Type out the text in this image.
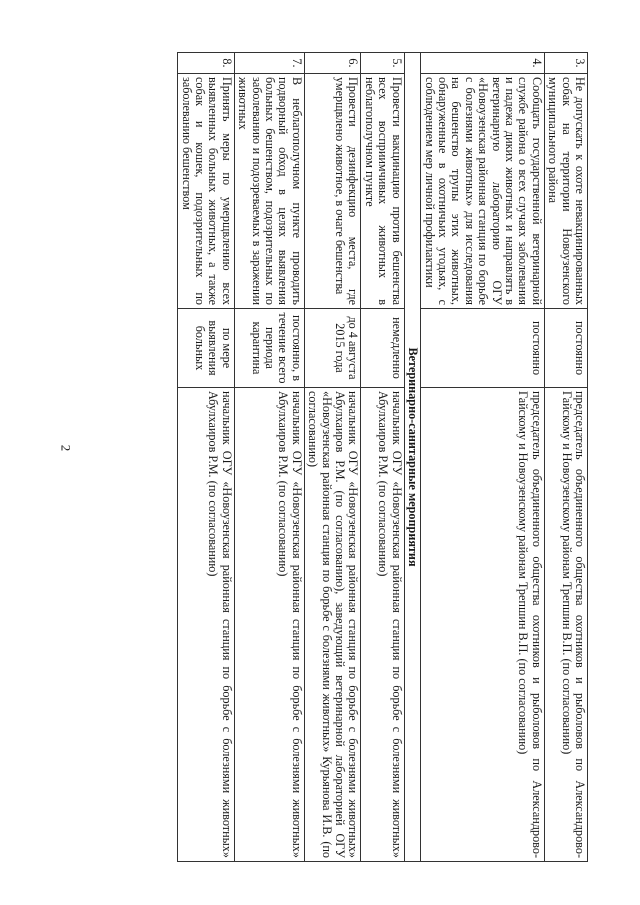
2
3.	Не допускать к охоте невакцинированных собак на территории Новоузенского муниципального района	постоянно	председатель объединенного общества охотников и рыболовов по Александрово-Гайскому и Новоузенскому районам Трепшин В.П. (по согласованию)
4.	Сообщать государственной ветеринарной службе района о всех случаях заболевания и падежа диких животных и направлять в ветеринарную лабораторию ОГУ «Новоузенская районная станция по борьбе с болезнями животных» для исследования на бешенство трупы этих животных, обнаруженные в охотничьих угодьях, с соблюдением мер личной профилактики	постоянно	председатель объединенного общества охотников и рыболовов по Александрово-Гайскому и Новоузенскому районам Трепшин В.П. (по согласованию)
Ветеринарно-санитарные мероприятия			
5.	Провести вакцинацию против бешенства всех восприимчивых животных в неблагополучном пункте	немедленно	начальник ОГУ «Новоузенская районная станция по борьбе с болезнями животных» Абулхаиров Р.М. (по согласованию)
6.	Провести дезинфекцию места, где умерщвлено животное, в очаге бешенства	до 4 августа 2015 года	начальник ОГУ «Новоузенская районная станция по борьбе с болезнями животных» Абулхаиров Р.М. (по согласованию), заведующий ветеринарной лабораторией ОГУ «Новоузенская районная станция по борьбе с болезнями животных» Курьянова И.В. (по согласованию)
7.	В неблагополучном пункте проводить подворный обход в целях выявления больных бешенством, подозрительных по заболеванию и подозреваемых в заражении животных	постоянно, в течение всего периода карантина	начальник ОГУ «Новоузенская районная станция по борьбе с болезнями животных» Абулхаиров Р.М. (по согласованию)
8.	Принять меры по умерщвлению всех выявленных больных животных, а также собак и кошек, подозрительных по заболеванию бешенством	по мере выявления больных	начальник ОГУ «Новоузенская районная станция по борьбе с болезнями животных» Абулхаиров Р.М. (по согласованию)
